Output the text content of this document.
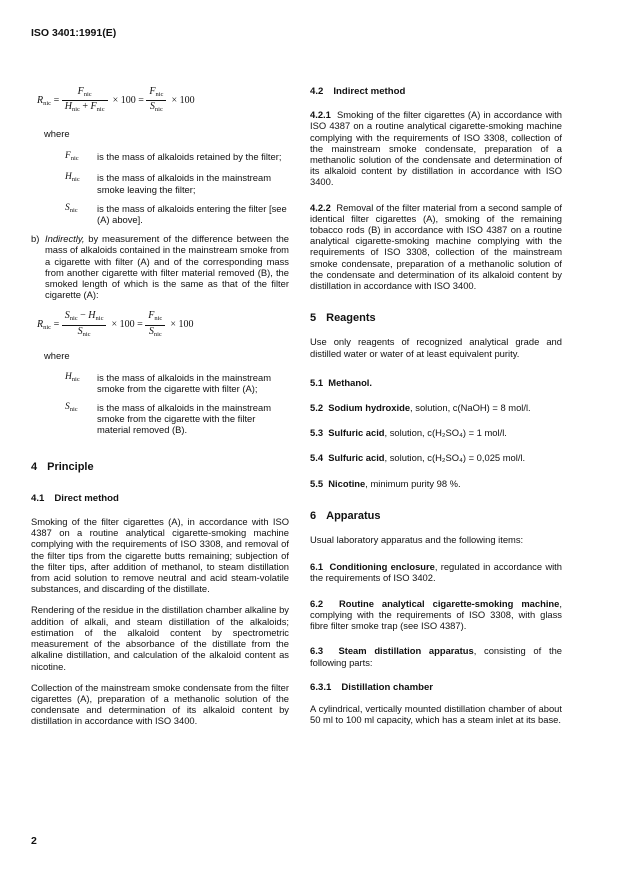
ISO 3401:1991(E)
$R_{nic} = \frac{F_{nic}}{H_{nic} + F_{nic}} \times 100 = \frac{F_{nic}}{S_{nic}} \times 100$

where

$F_{nic}$	is the mass of alkaloids retained by the filter;
$H_{nic}$	is the mass of alkaloids in the mainstream smoke leaving the filter;
$S_{nic}$	is the mass of alkaloids entering the filter [see (A) above].
b) Indirectly, by measurement of the difference between the mass of alkaloids contained in the mainstream smoke from a cigarette with filter (A) and of the corresponding mass from another cigarette with filter material removed (B), the smoked length of which is the same as that of the filter cigarette (A):

$R_{nic} = \frac{S_{nic} - H_{nic}}{S_{nic}} \times 100 = \frac{F_{nic}}{S_{nic}} \times 100$

where

$H_{nic}$	is the mass of alkaloids in the mainstream smoke from the cigarette with filter (A);
$S_{nic}$	is the mass of alkaloids in the mainstream smoke from the cigarette with the filter material removed (B).
4 Principle
4.1 Direct method

Smoking of the filter cigarettes (A), in accordance with ISO 4387 on a routine analytical cigarette-smoking machine complying with the requirements of ISO 3308, and removal of the filter tips from the cigarette butts remaining; subjection of the filter tips, after addition of methanol, to steam distillation from acid solution to remove neutral and acid steam-volatile substances, and discarding of the distillate.

Rendering of the residue in the distillation chamber alkaline by addition of alkali, and steam distillation of the alkaloids; estimation of the alkaloid content by spectrometric measurement of the absorbance of the distillate from the alkaline distillation, and calculation of the alkaloid content as nicotine.

Collection of the mainstream smoke condensate from the filter cigarettes (A), preparation of a methanolic solution of the condensate and determination of its alkaloid content by distillation in accordance with ISO 3400.

4.2 Indirect method

4.2.1 Smoking of the filter cigarettes (A) in accordance with ISO 4387 on a routine analytical cigarette-smoking machine complying with the requirements of ISO 3308, collection of the mainstream smoke condensate, preparation of a methanolic solution of the condensate and determination of its alkaloid content by distillation in accordance with ISO 3400.

4.2.2 Removal of the filter material from a second sample of identical filter cigarettes (A), smoking of the remaining tobacco rods (B) in accordance with ISO 4387 on a routine analytical cigarette-smoking machine complying with the requirements of ISO 3308, collection of the mainstream smoke condensate, preparation of a methanolic solution of the condensate and determination of its alkaloid content by distillation in accordance with ISO 3400.

5 Reagents

Use only reagents of recognized analytical grade and distilled water or water of at least equivalent purity.

5.1 Methanol.

5.2 Sodium hydroxide, solution, c(NaOH) = 8 mol/l.

5.3 Sulfuric acid, solution, c(H₂SO₄) = 1 mol/l.

5.4 Sulfuric acid, solution, c(H₂SO₄) = 0,025 mol/l.

5.5 Nicotine, minimum purity 98 %.

6 Apparatus

Usual laboratory apparatus and the following items:

6.1 Conditioning enclosure, regulated in accordance with the requirements of ISO 3402.

6.2 Routine analytical cigarette-smoking machine, complying with the requirements of ISO 3308, with glass fibre filter smoke trap (see ISO 4387).

6.3 Steam distillation apparatus, consisting of the following parts:

6.3.1 Distillation chamber

A cylindrical, vertically mounted distillation chamber of about 50 ml to 100 ml capacity, which has a steam inlet at its base.

2
